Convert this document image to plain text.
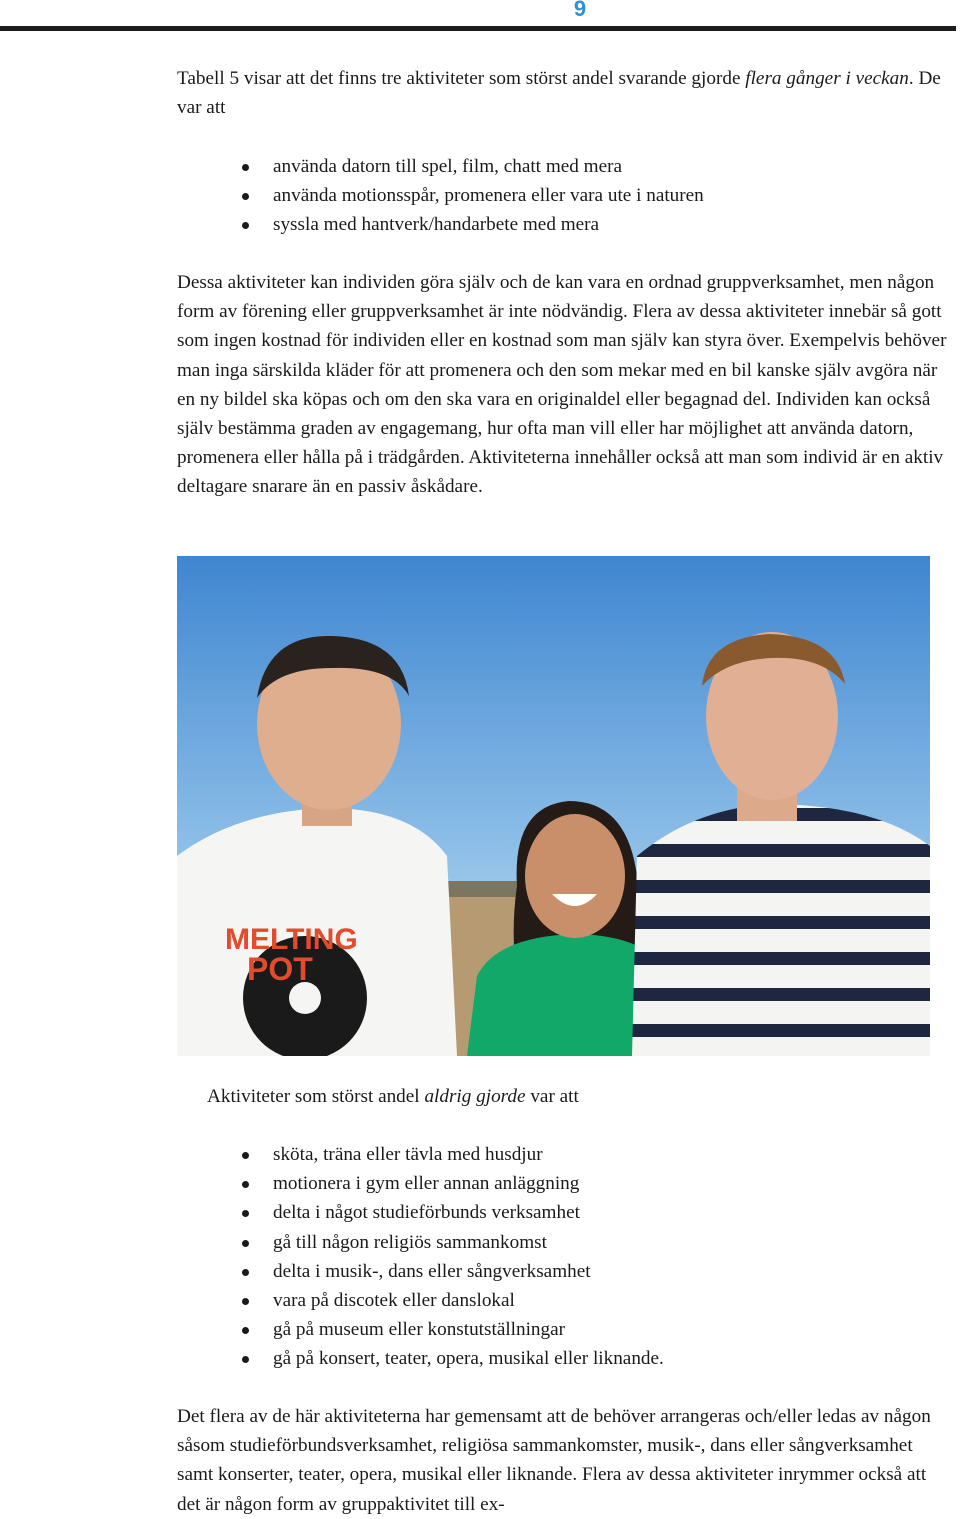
9

Tabell 5 visar att det finns tre aktiviteter som störst andel svarande gjorde flera gånger i veckan. De var att

använda datorn till spel, film, chatt med mera
använda motionsspår, promenera eller vara ute i naturen
syssla med hantverk/handarbete med mera

Dessa aktiviteter kan individen göra själv och de kan vara en ordnad gruppverksamhet, men någon form av förening eller gruppverksamhet är inte nödvändig. Flera av dessa aktiviteter innebär så gott som ingen kostnad för individen eller en kostnad som man själv kan styra över. Exempelvis behöver man inga särskilda kläder för att promenera och den som mekar med en bil kanske själv avgöra när en ny bildel ska köpas och om den ska vara en originaldel eller begagnad del. Individen kan också själv bestämma graden av engagemang, hur ofta man vill eller har möjlighet att använda datorn, promenera eller hålla på i trädgården. Aktiviteterna innehåller också att man som individ är en aktiv deltagare snarare än en passiv åskådare.

MELTING
POT

Aktiviteter som störst andel aldrig gjorde var att

sköta, träna eller tävla med husdjur
motionera i gym eller annan anläggning
delta i något studieförbunds verksamhet
gå till någon religiös sammankomst
delta i musik-, dans eller sångverksamhet
vara på discotek eller danslokal
gå på museum eller konstutställningar
gå på konsert, teater, opera, musikal eller liknande.

Det flera av de här aktiviteterna har gemensamt att de behöver arrangeras och/eller ledas av någon såsom studieförbundsverksamhet, religiösa sammankomster, musik-, dans eller sångverksamhet samt konserter, teater, opera, musikal eller liknande. Flera av dessa aktiviteter inrymmer också att det är någon form av gruppaktivitet till ex-
